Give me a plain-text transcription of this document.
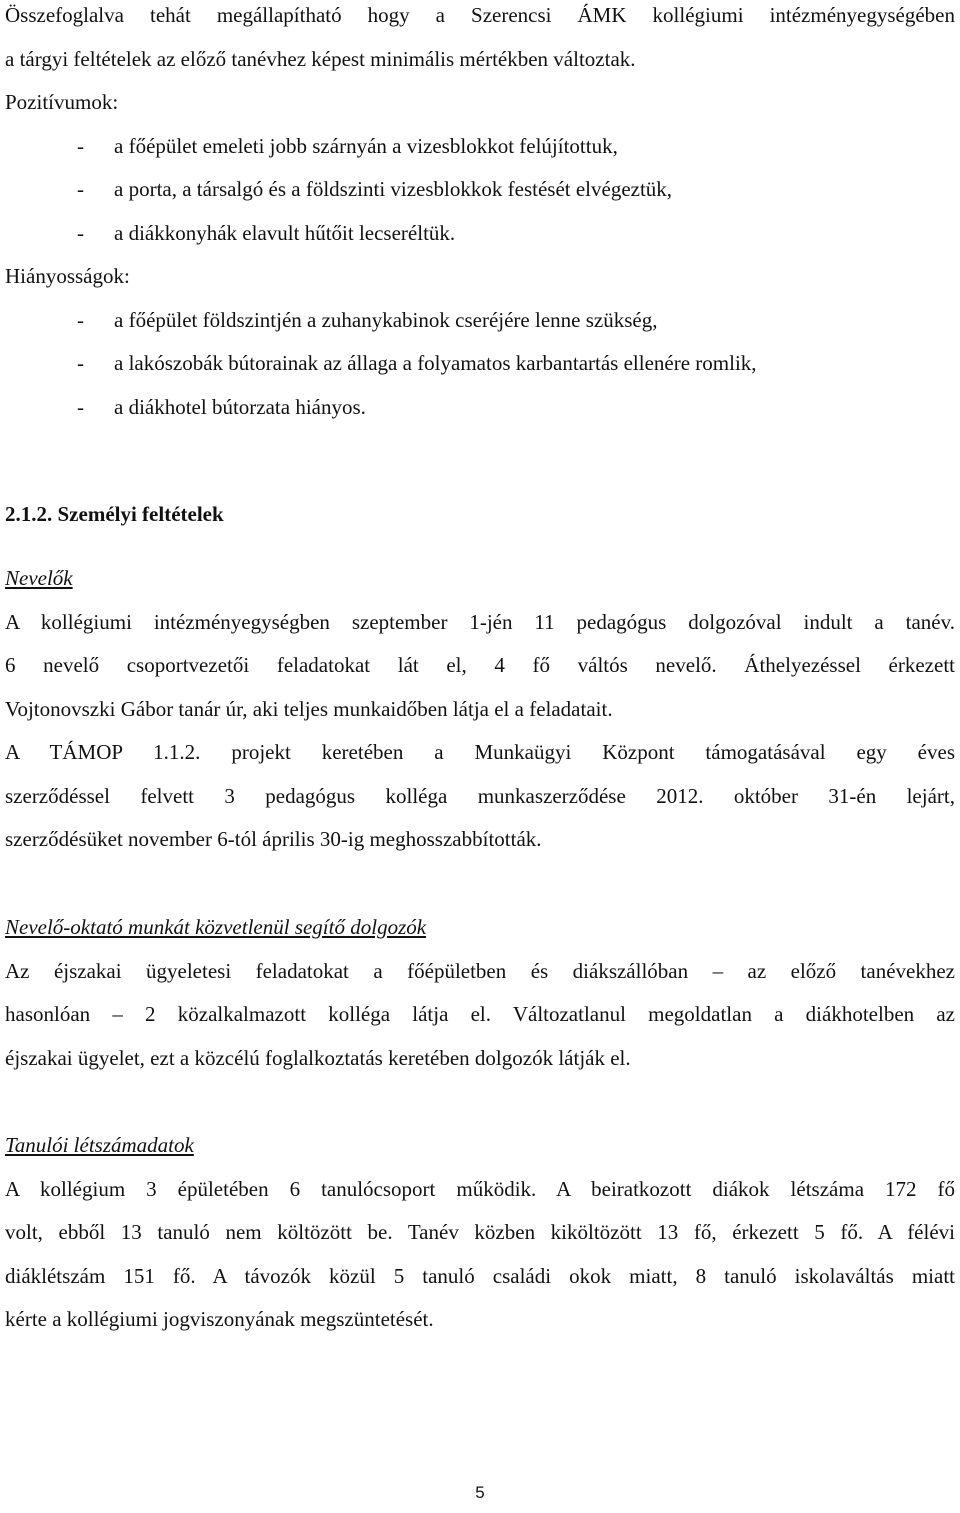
Összefoglalva tehát megállapítható hogy a Szerencsi ÁMK kollégiumi intézményegységében

a tárgyi feltételek az előző tanévhez képest minimális mértékben változtak.

Pozitívumok:

- a főépület emeleti jobb szárnyán a vizesblokkot felújítottuk,
- a porta, a társalgó és a földszinti vizesblokkok festését elvégeztük,
- a diákkonyhák elavult hűtőit lecseréltük.

Hiányosságok:

- a főépület földszintjén a zuhanykabinok cseréjére lenne szükség,
- a lakószobák bútorainak az állaga a folyamatos karbantartás ellenére romlik,
- a diákhotel bútorzata hiányos.

2.1.2. Személyi feltételek

Nevelők

A kollégiumi intézményegységben szeptember 1-jén 11 pedagógus dolgozóval indult a tanév.

6 nevelő csoportvezetői feladatokat lát el, 4 fő váltós nevelő. Áthelyezéssel érkezett

Vojtonovszki Gábor tanár úr, aki teljes munkaidőben látja el a feladatait.

A TÁMOP 1.1.2. projekt keretében a Munkaügyi Központ támogatásával egy éves

szerződéssel felvett 3 pedagógus kolléga munkaszerződése 2012. október 31-én lejárt,

szerződésüket november 6-tól április 30-ig meghosszabbították.

Nevelő-oktató munkát közvetlenül segítő dolgozók

Az éjszakai ügyeletesi feladatokat a főépületben és diákszállóban – az előző tanévekhez

hasonlóan – 2 közalkalmazott kolléga látja el. Változatlanul megoldatlan a diákhotelben az

éjszakai ügyelet, ezt a közcélú foglalkoztatás keretében dolgozók látják el.

Tanulói létszámadatok

A kollégium 3 épületében 6 tanulócsoport működik. A beiratkozott diákok létszáma 172 fő

volt, ebből 13 tanuló nem költözött be. Tanév közben kiköltözött 13 fő, érkezett 5 fő. A félévi

diáklétszám 151 fő. A távozók közül 5 tanuló családi okok miatt, 8 tanuló iskolaváltás miatt

kérte a kollégiumi jogviszonyának megszüntetését.

5
